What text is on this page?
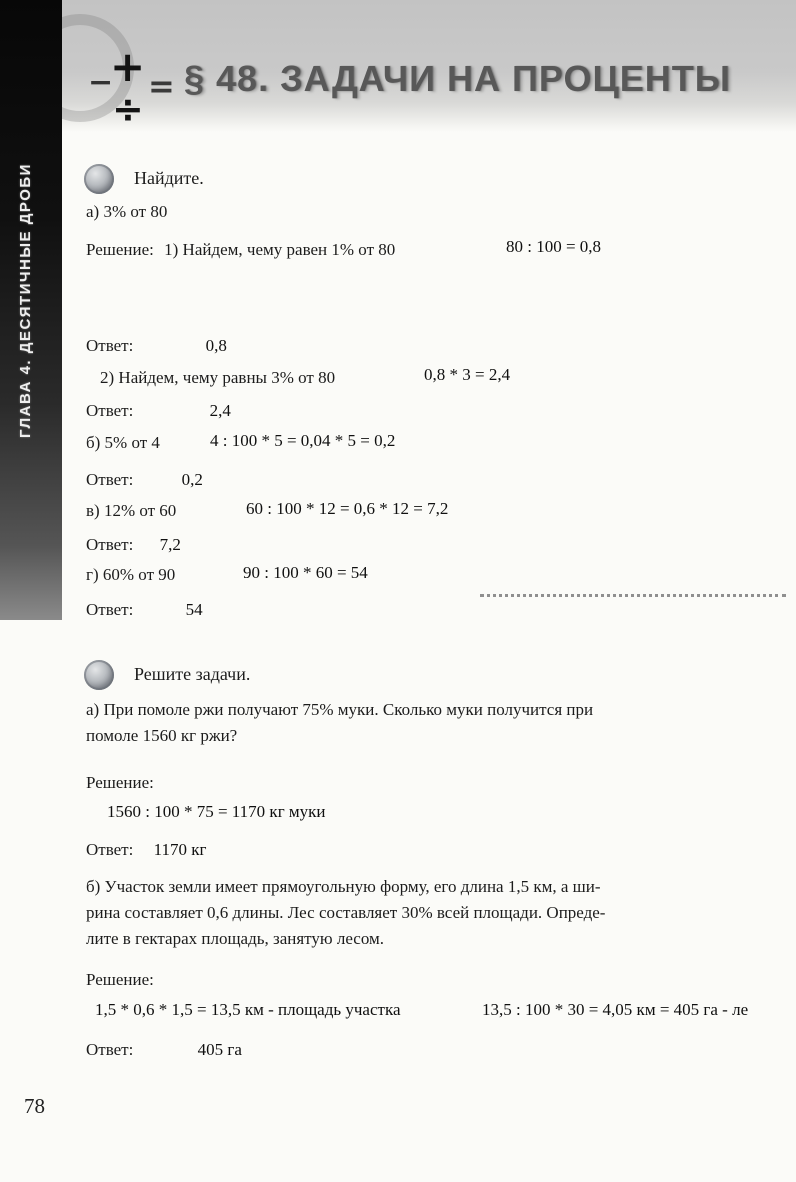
−
+ =
÷
§ 48. ЗАДАЧИ НА ПРОЦЕНТЫ
ГЛАВА 4. ДЕСЯТИЧНЫЕ ДРОБИ	Найдите.
а) 3% от 80
Решение: 1) Найдем, чему равен 1% от 80	80 : 100 = 0,8
Ответ:	0,8
2) Найдем, чему равны 3% от 80	0,8 * 3 = 2,4
Ответ:	2,4
б) 5% от 4	4 : 100 * 5 = 0,04 * 5 = 0,2
Ответ:	0,2
в) 12% от 60	60 : 100 * 12 = 0,6 * 12 = 7,2
Ответ: 7,2
г) 60% от 90	90 : 100 * 60 = 54
Ответ:	54
Решите задачи.
а) При помоле ржи получают 75% муки. Сколько муки получится при
помоле 1560 кг ржи?
Решение:
1560 : 100 * 75 = 1170 кг муки
Ответ: 1170 кг
б) Участок земли имеет прямоугольную форму, его длина 1,5 км, а ши-
рина составляет 0,6 длины. Лес составляет 30% всей площади. Опреде-
лите в гектарах площадь, занятую лесом.
Решение:
1,5 * 0,6 * 1,5 = 13,5 км - площадь участка	13,5 : 100 * 30 = 4,05 км = 405 га - ле
Ответ:	405 га
78
